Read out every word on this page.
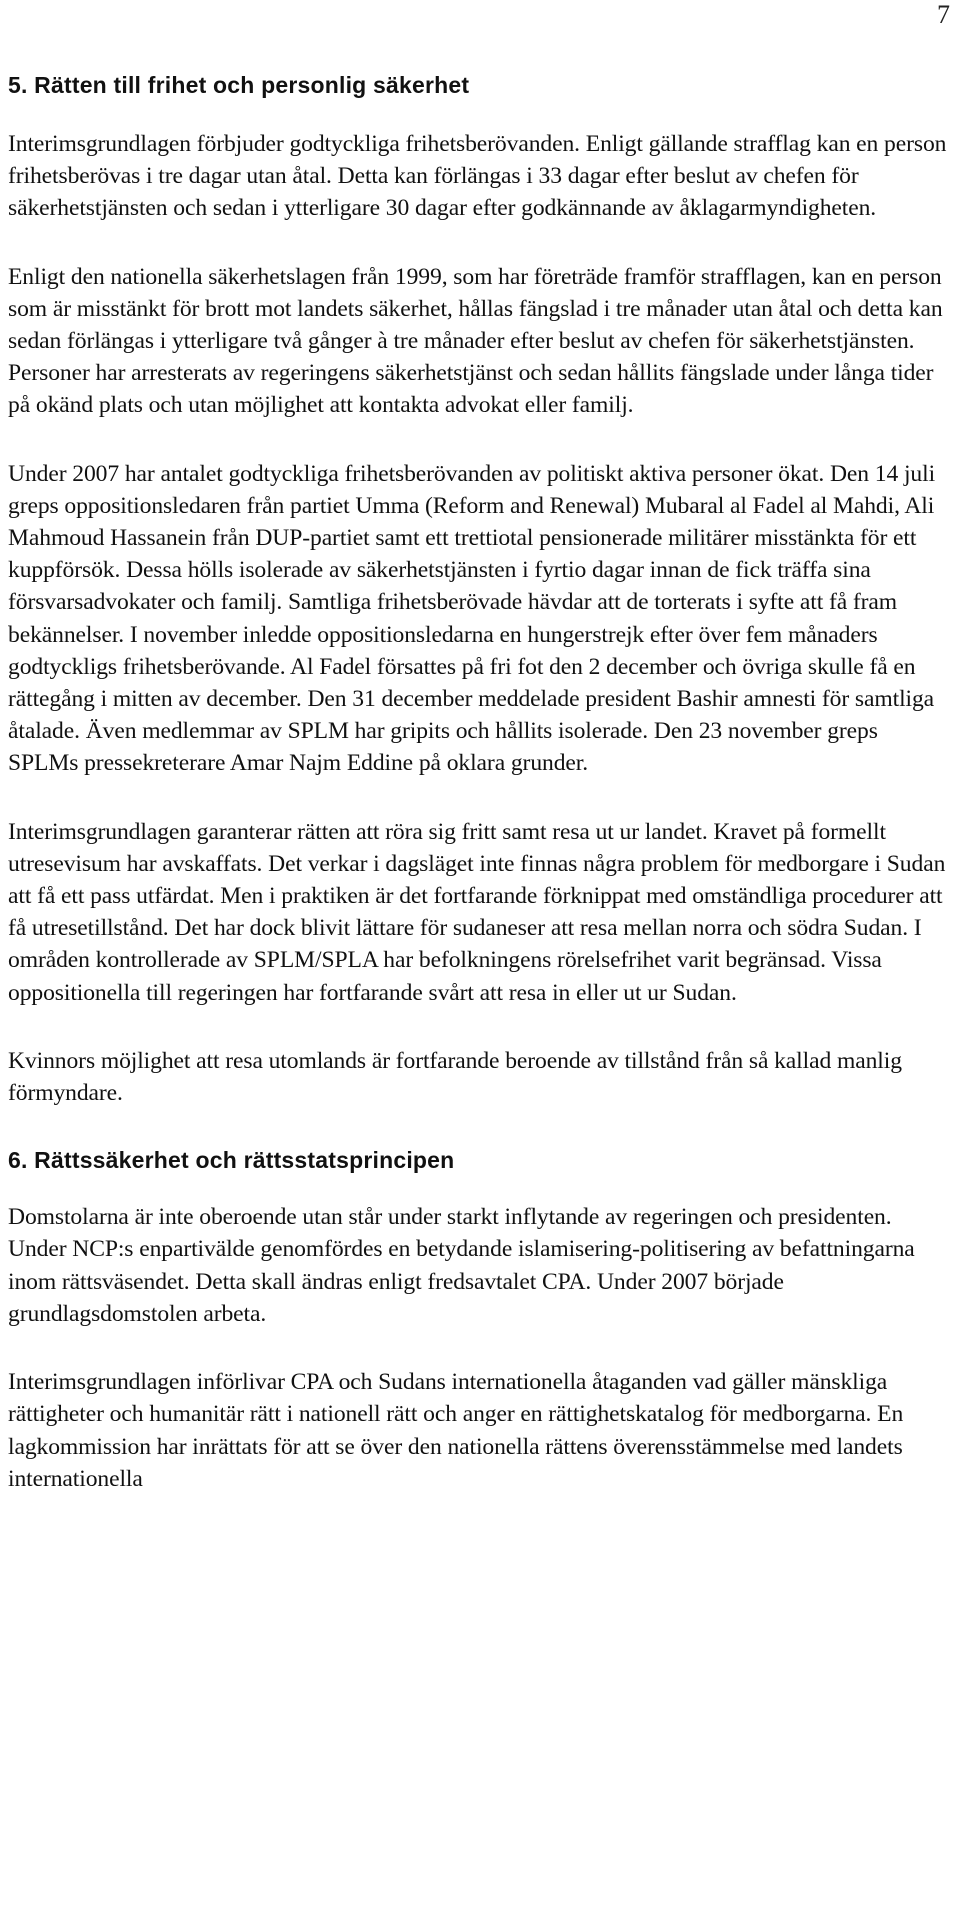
7
5. Rätten till frihet och personlig säkerhet

Interimsgrundlagen förbjuder godtyckliga frihetsberövanden. Enligt gällande strafflag kan en person frihetsberövas i tre dagar utan åtal. Detta kan förlängas i 33 dagar efter beslut av chefen för säkerhetstjänsten och sedan i ytterligare 30 dagar efter godkännande av åklagarmyndigheten.

Enligt den nationella säkerhetslagen från 1999, som har företräde framför strafflagen, kan en person som är misstänkt för brott mot landets säkerhet, hållas fängslad i tre månader utan åtal och detta kan sedan förlängas i ytterligare två gånger à tre månader efter beslut av chefen för säkerhetstjänsten. Personer har arresterats av regeringens säkerhetstjänst och sedan hållits fängslade under långa tider på okänd plats och utan möjlighet att kontakta advokat eller familj.

Under 2007 har antalet godtyckliga frihetsberövanden av politiskt aktiva personer ökat. Den 14 juli greps oppositionsledaren från partiet Umma (Reform and Renewal) Mubaral al Fadel al Mahdi, Ali Mahmoud Hassanein från DUP-partiet samt ett trettiotal pensionerade militärer misstänkta för ett kuppförsök. Dessa hölls isolerade av säkerhetstjänsten i fyrtio dagar innan de fick träffa sina försvarsadvokater och familj. Samtliga frihetsberövade hävdar att de torterats i syfte att få fram bekännelser. I november inledde oppositionsledarna en hungerstrejk efter över fem månaders godtyckligs frihetsberövande. Al Fadel försattes på fri fot den 2 december och övriga skulle få en rättegång i mitten av december. Den 31 december meddelade president Bashir amnesti för samtliga åtalade. Även medlemmar av SPLM har gripits och hållits isolerade. Den 23 november greps SPLMs pressekreterare Amar Najm Eddine på oklara grunder.

Interimsgrundlagen garanterar rätten att röra sig fritt samt resa ut ur landet. Kravet på formellt utresevisum har avskaffats. Det verkar i dagsläget inte finnas några problem för medborgare i Sudan att få ett pass utfärdat. Men i praktiken är det fortfarande förknippat med omständliga procedurer att få utresetillstånd. Det har dock blivit lättare för sudaneser att resa mellan norra och södra Sudan. I områden kontrollerade av SPLM/SPLA har befolkningens rörelsefrihet varit begränsad. Vissa oppositionella till regeringen har fortfarande svårt att resa in eller ut ur Sudan.

Kvinnors möjlighet att resa utomlands är fortfarande beroende av tillstånd från så kallad manlig förmyndare.

6. Rättssäkerhet och rättsstatsprincipen

Domstolarna är inte oberoende utan står under starkt inflytande av regeringen och presidenten. Under NCP:s enpartivälde genomfördes en betydande islamisering-politisering av befattningarna inom rättsväsendet. Detta skall ändras enligt fredsavtalet CPA. Under 2007 började grundlagsdomstolen arbeta.

Interimsgrundlagen införlivar CPA och Sudans internationella åtaganden vad gäller mänskliga rättigheter och humanitär rätt i nationell rätt och anger en rättighetskatalog för medborgarna. En lagkommission har inrättats för att se över den nationella rättens överensstämmelse med landets internationella
